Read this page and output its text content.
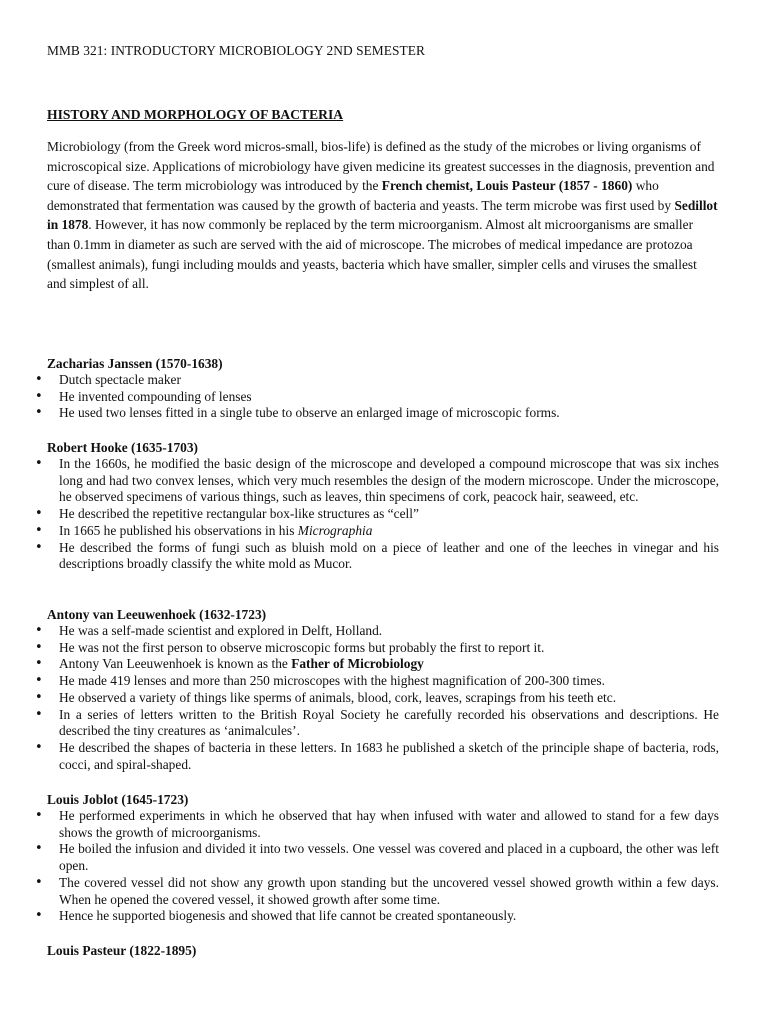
MMB 321: INTRODUCTORY MICROBIOLOGY 2ND SEMESTER
HISTORY AND MORPHOLOGY OF BACTERIA

Microbiology (from the Greek word micros-small, bios-life) is defined as the study of the microbes or living organisms of microscopical size. Applications of microbiology have given medicine its greatest successes in the diagnosis, prevention and cure of disease. The term microbiology was introduced by the French chemist, Louis Pasteur (1857 - 1860) who demonstrated that fermentation was caused by the growth of bacteria and yeasts. The term microbe was first used by Sedillot in 1878. However, it has now commonly be replaced by the term microorganism. Almost alt microorganisms are smaller than 0.1mm in diameter as such are served with the aid of microscope. The microbes of medical impedance are protozoa (smallest animals), fungi including moulds and yeasts, bacteria which have smaller, simpler cells and viruses the smallest and simplest of all.

Zacharias Janssen (1570-1638)
• Dutch spectacle maker
• He invented compounding of lenses
• He used two lenses fitted in a single tube to observe an enlarged image of microscopic forms.
Robert Hooke (1635-1703)
• In the 1660s, he modified the basic design of the microscope and developed a compound microscope that was six inches long and had two convex lenses, which very much resembles the design of the modern microscope. Under the microscope, he observed specimens of various things, such as leaves, thin specimens of cork, peacock hair, seaweed, etc.
• He described the repetitive rectangular box-like structures as “cell”
• In 1665 he published his observations in his Micrographia
• He described the forms of fungi such as bluish mold on a piece of leather and one of the leeches in vinegar and his descriptions broadly classify the white mold as Mucor.
Antony van Leeuwenhoek (1632-1723)
• He was a self-made scientist and explored in Delft, Holland.
• He was not the first person to observe microscopic forms but probably the first to report it.
• Antony Van Leeuwenhoek is known as the Father of Microbiology
• He made 419 lenses and more than 250 microscopes with the highest magnification of 200-300 times.
• He observed a variety of things like sperms of animals, blood, cork, leaves, scrapings from his teeth etc.
• In a series of letters written to the British Royal Society he carefully recorded his observations and descriptions. He described the tiny creatures as ‘animalcules’.
• He described the shapes of bacteria in these letters. In 1683 he published a sketch of the principle shape of bacteria, rods, cocci, and spiral-shaped.
Louis Joblot (1645-1723)
• He performed experiments in which he observed that hay when infused with water and allowed to stand for a few days shows the growth of microorganisms.
• He boiled the infusion and divided it into two vessels. One vessel was covered and placed in a cupboard, the other was left open.
• The covered vessel did not show any growth upon standing but the uncovered vessel showed growth within a few days. When he opened the covered vessel, it showed growth after some time.
• Hence he supported biogenesis and showed that life cannot be created spontaneously.
Louis Pasteur (1822-1895)
